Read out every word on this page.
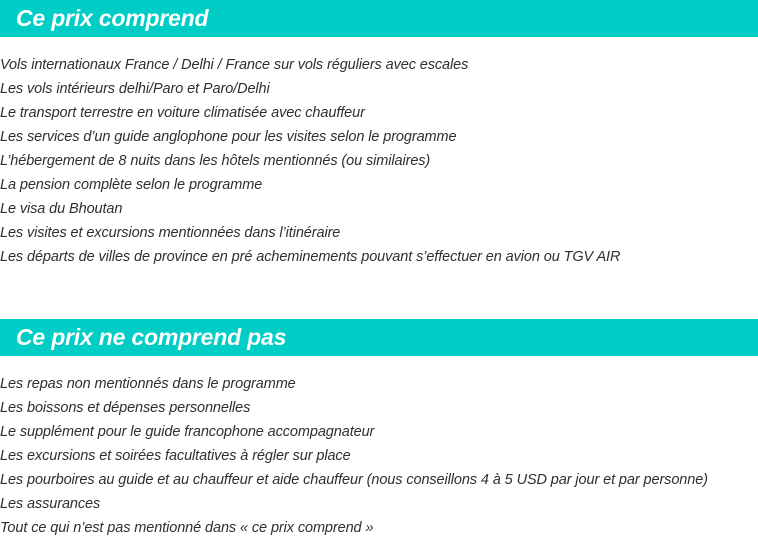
Ce prix comprend
Vols internationaux France / Delhi / France sur vols réguliers avec escales
Les vols intérieurs delhi/Paro et Paro/Delhi
Le transport terrestre en voiture climatisée avec chauffeur
Les services d’un guide anglophone pour les visites selon le programme
L’hébergement de 8 nuits dans les hôtels mentionnés (ou similaires)
La pension complète selon le programme
Le visa du Bhoutan
Les visites et excursions mentionnées dans l’itinéraire
Les départs de villes de province en pré acheminements pouvant s’effectuer en avion ou TGV AIR
Ce prix ne comprend pas
Les repas non mentionnés dans le programme
Les boissons et dépenses personnelles
Le supplément pour le guide francophone accompagnateur
Les excursions et soirées facultatives à régler sur place
Les pourboires au guide et au chauffeur et aide chauffeur (nous conseillons 4 à 5 USD par jour et par personne)
Les assurances
Tout ce qui n’est pas mentionné dans « ce prix comprend »
